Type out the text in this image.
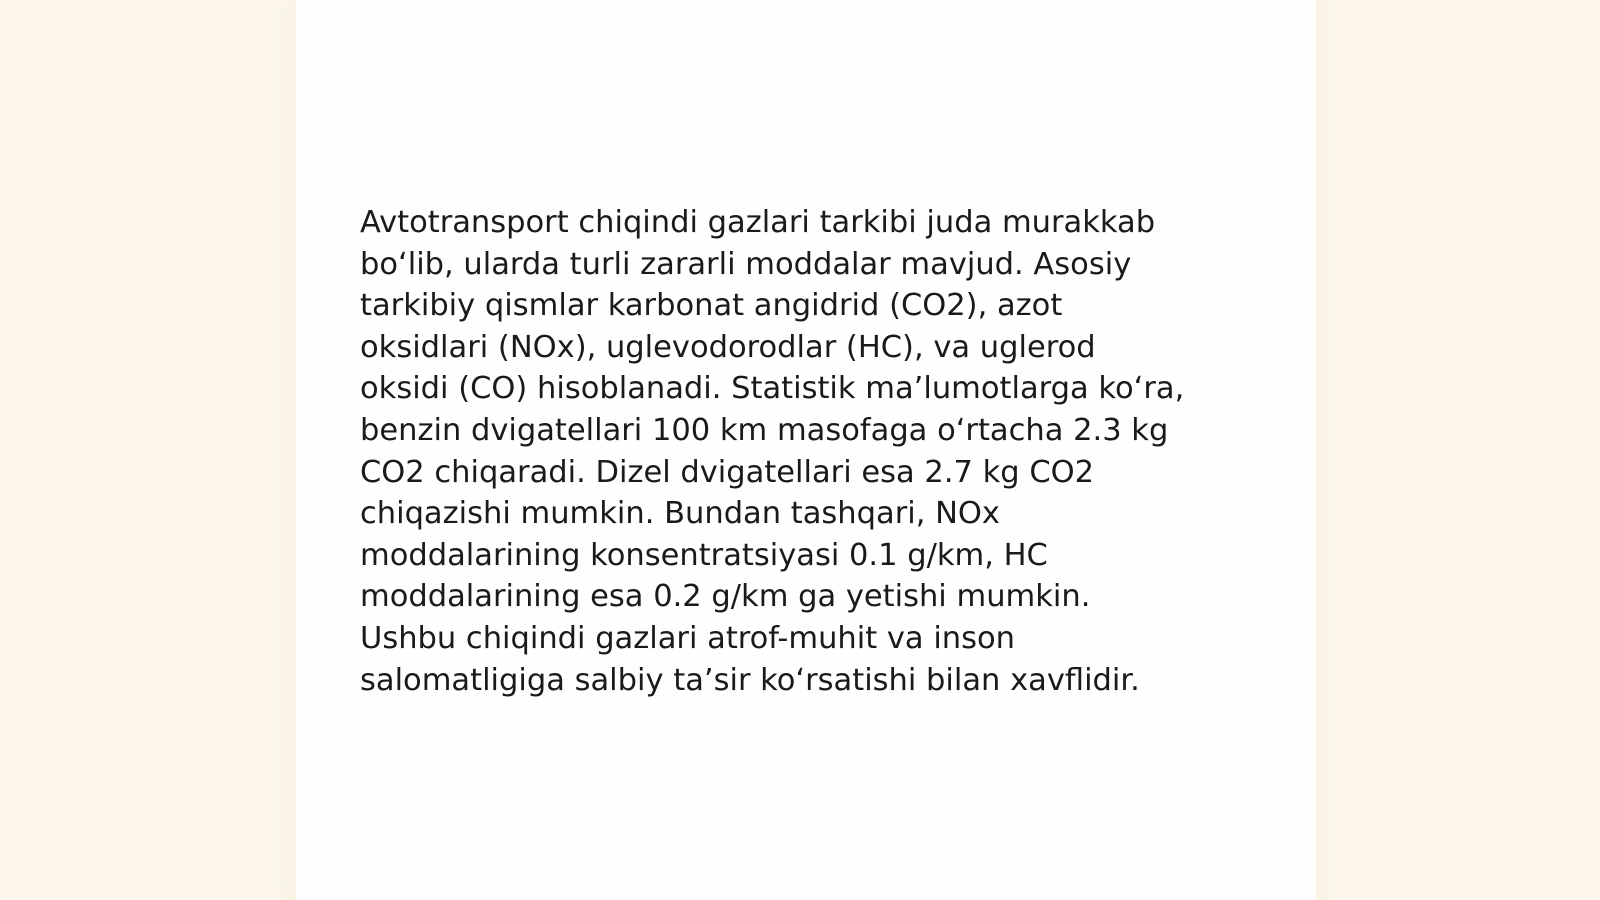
Avtotransport chiqindi gazlari tarkibi juda murakkab
bo‘lib, ularda turli zararli moddalar mavjud. Asosiy
tarkibiy qismlar karbonat angidrid (CO2), azot
oksidlari (NOx), uglevodorodlar (HC), va uglerod
oksidi (CO) hisoblanadi. Statistik ma’lumotlarga ko‘ra,
benzin dvigatellari 100 km masofaga o‘rtacha 2.3 kg
CO2 chiqaradi. Dizel dvigatellari esa 2.7 kg CO2
chiqazishi mumkin. Bundan tashqari, NOx
moddalarining konsentratsiyasi 0.1 g/km, HC
moddalarining esa 0.2 g/km ga yetishi mumkin.
Ushbu chiqindi gazlari atrof-muhit va inson
salomatligiga salbiy ta’sir ko‘rsatishi bilan xavflidir.
